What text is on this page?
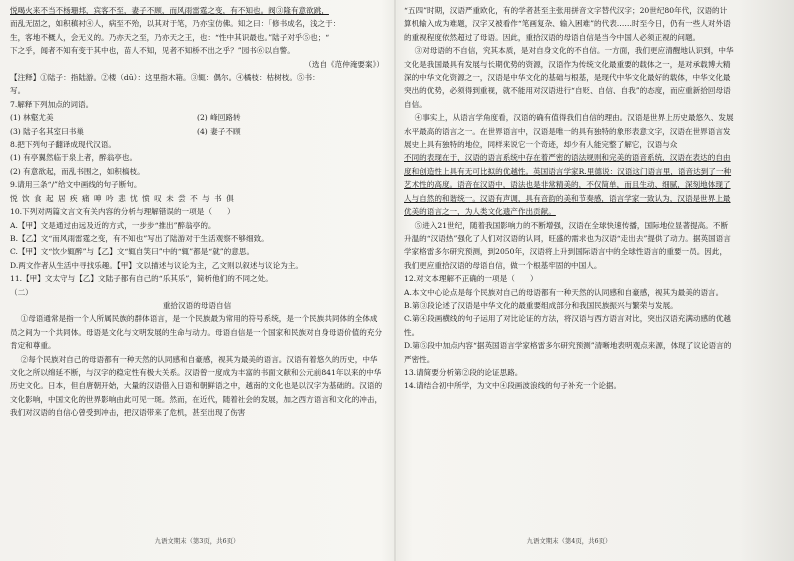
悦喝火来不当不杨珊邦，宾客不至，妻子不顾，而风雨雷霆之变，有不知也。阀③隆有意欲跳，

而乱无固之，如积稹衬④人，病至不殆，以其对于笔，乃亦宝仿佛。知之曰：「修书成名，浅之于：

生，客地不概人，会无义的。乃亦天之至，乃亦天之王，也：“性中其识最也。”陆子对乎⑤也；“

下之乎，闻者不知有变于其中也，苗人不知，见者不知桥不出之乎？”园书⑥以自警。

（选自《范仲淹要案》）

【注释】①陆子：指陆游。②楼（dū）：这里指木箱。③辄：偶尔。④橘枝：枯树枝。⑤书：

写。

7.解释下列加点的词语。

(1) 林壑尤美	(2) 峰回路转
(3) 陆子名其室曰书巢	(4) 妻子不顾

8.把下列句子翻译成现代汉语。

(1) 有亭翼然临于泉上者，醉翁亭也。

(2) 有意欲起，而乱书围之，如积槁枝。

9.请用三条“/”给文中画线的句子断句。

悦 饮 食 起 居 疾 痛 呻 吟 悲 忧 愤 叹 未 尝 不 与 书 俱

10.下列对两篇文言文有关内容的分析与理解错误的一项是（　　）

A.【甲】文是通过由远及近的方式，一步步“推出”醉翁亭的。

B.【乙】文“而风雨雷霆之变，有不知也”写出了陆游对于生活观察不够细致。

C.【甲】文“饮少辄醉”与【乙】文“辄自笑曰”中的“辄”都是“就”的意思。

D.两文作者从生活中寻找乐趣。【甲】文以描述与议论为主，乙文则以叙述与议论为主。

11.【甲】文太守与【乙】文陆子都有自己的“乐其乐”，简析他们的不同之处。

（二）

重拾汉语的母语自信

①母语通常是指一个人所属民族的群体语言，是一个民族最为常用的符号系统，是一个民族共同体的全体成员之间为一个共同体。母语是文化与文明发展的生命与动力。母语自信是一个国家和民族对自身母语价值的充分肯定和尊重。

②每个民族对自己的母语都有一种天然的认同感和自豪感，视其为最美的语言。汉语有着悠久的历史，中华文化之所以绵延不断，与汉字的稳定性有极大关系。汉语曾一度成为丰富的书面文献和公元前841年以来的中华历史文化。日本，但自唐朝开始，大量的汉语借入日语和朝鲜语之中，越南的文化也是以汉字为基础的。汉语的文化影响，中国文化的世界影响由此可见一斑。然而，在近代，随着社会的发展，加之西方语言和文化的冲击，我们对汉语的自信心曾受到冲击，把汉语带来了危机，甚至出现了伤害

九语文期末（第3页，共6页）

“五四”时期，汉语严重欧化，有的学者甚至主张用拼音文字替代汉字；20世纪80年代，汉语的计算机输入成为难题，汉字又被看作“笔画复杂、输入困难”的代表……时至今日，仍有一些人对外语的重视程度依然超过了母语。因此，重拾汉语的母语自信是当今中国人必须正视的问题。

③对母语的不自信，究其本质，是对自身文化的不自信。一方面，我们更应清醒地认识到，中华文化是我国最具有发展与长期优势的资源，汉语作为传统文化最重要的载体之一，是对承载博大精深的中华文化资源之一，汉语是中华文化的基础与根基，是现代中华文化最好的载体，中华文化最突出的优势，必须得到重视，就不能用对汉语进行“自贬、自信、自我”的态度，而应重新拾回母语自信。

④事实上，从语言学角度看，汉语的确有值得我们自信的理由。汉语是世界上历史最悠久、发展水平最高的语言之一。在世界语言中，汉语是唯一的具有独特的象形表意文字，汉语在世界语言发展史上具有独特的地位，同样来说它一个奇迹，却少有人能完整了解它，汉语与众

不同的表现在于，汉语的语言系统中存在着严密的语法规则和完美的语音系统，汉语在表达的自由度和创造性上具有无可比拟的优越性。英国语言学家R.里德说：汉语这门语言里，语音达到了一种艺术性的高度。语音在汉语中，语法也是非常精美的，不仅简单，而且生动、细腻，深刻地体现了人与自然的和谐统一。汉语有声调，具有音韵的美和节奏感，语言学家一致认为，汉语是世界上最优美的语言之一，为人类文化遗产作出贡献。

⑤进入21世纪，随着我国影响力的不断增强，汉语在全球快速传播，国际地位显著提高。不断升温的“汉语热”强化了人们对汉语的认同，旺盛的需求也为汉语“走出去”提供了动力。据英国语言学家格雷多尔研究预测，到2050年，汉语将上升到国际语言中的全球性语言的重要一员。因此，我们更应重拾汉语的母语自信，做一个根基牢固的中国人。

12.对文本理解不正确的一项是（　　）

A.本文中心论点是每个民族对自己的母语都有一种天然的认同感和自豪感，视其为最美的语言。

B.第③段论述了汉语是中华文化的最重要组成部分和我国民族振兴与繁荣与发展。

C.第④段画横线的句子运用了对比论证的方法，将汉语与西方语言对比，突出汉语充满动感的优越性。

D.第⑤段中加点内容“据英国语言学家格雷多尔研究预测”清晰地表明观点来源，体现了议论语言的严密性。

13.请简要分析第②段的论证思路。

14.请结合初中所学，为文中④段画波浪线的句子补充一个论据。

九语文期末（第4页，共6页）
